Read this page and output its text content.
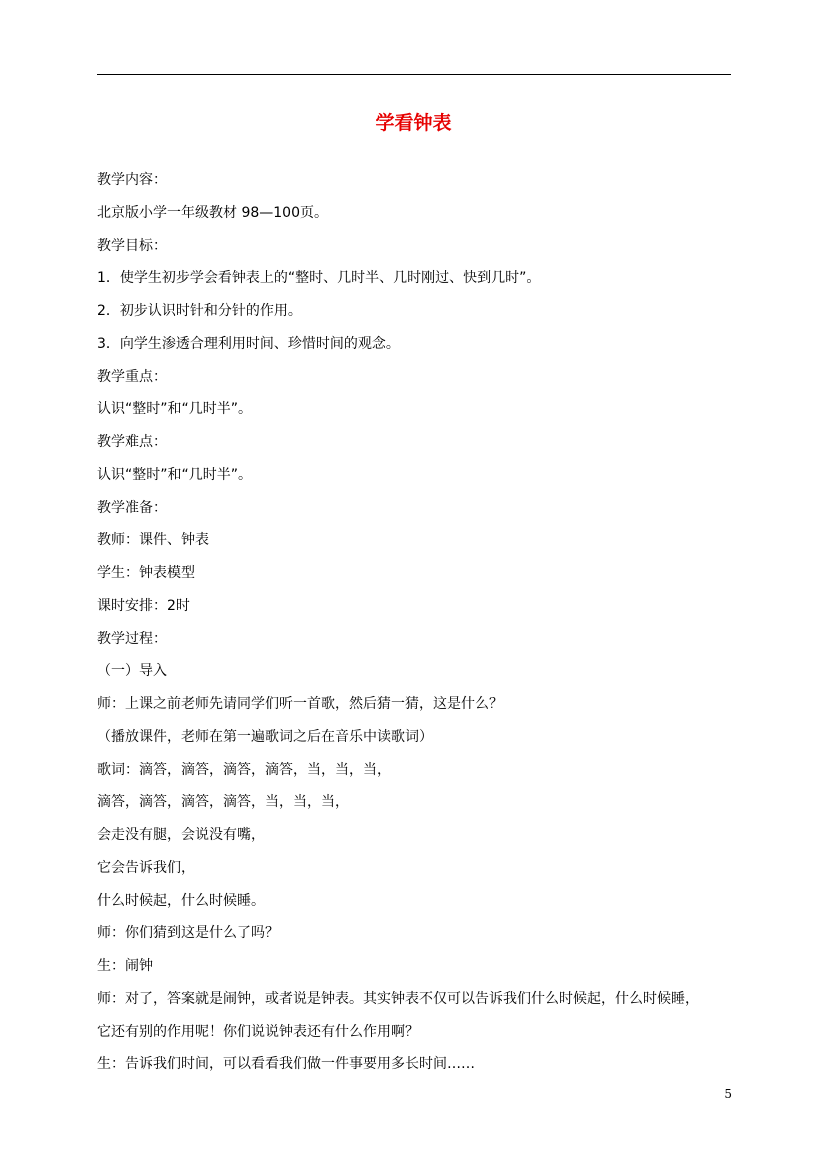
学看钟表

教学内容：

北京版小学一年级教材 98—100页。

教学目标：

1．使学生初步学会看钟表上的“整时、几时半、几时刚过、快到几时”。

2．初步认识时针和分针的作用。

3．向学生渗透合理利用时间、珍惜时间的观念。

教学重点：

认识“整时”和“几时半”。

教学难点：

认识“整时”和“几时半”。

教学准备：

教师：课件、钟表

学生：钟表模型

课时安排：2时

教学过程：

（一）导入

师：上课之前老师先请同学们听一首歌，然后猜一猜，这是什么？

（播放课件，老师在第一遍歌词之后在音乐中读歌词）

歌词：滴答，滴答，滴答，滴答，当，当，当，

滴答，滴答，滴答，滴答，当，当，当，

会走没有腿，会说没有嘴，

它会告诉我们，

什么时候起，什么时候睡。

师：你们猜到这是什么了吗？

生：闹钟

师：对了，答案就是闹钟，或者说是钟表。其实钟表不仅可以告诉我们什么时候起，什么时候睡，

它还有别的作用呢！你们说说钟表还有什么作用啊？

生：告诉我们时间，可以看看我们做一件事要用多长时间……

5
